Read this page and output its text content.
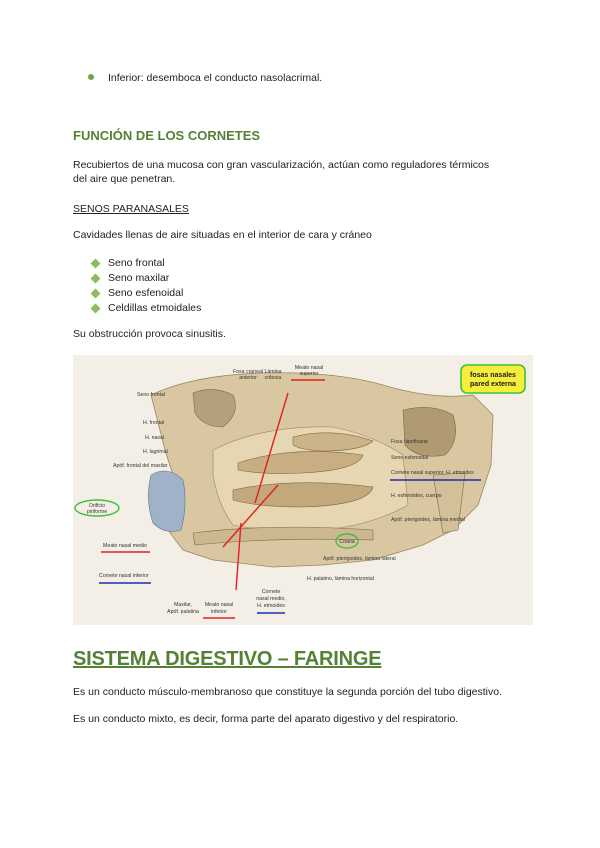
Inferior: desemboca el conducto nasolacrimal.
FUNCIÓN DE LOS CORNETES
Recubiertos de una mucosa con gran vascularización, actúan como reguladores térmicos
del aire que penetran.
SENOS PARANASALES
Cavidades llenas de aire situadas en el interior de cara y cráneo
Seno frontal
Seno maxilar
Seno esfenoidal
Celdillas etmoidales
Su obstrucción provoca sinusitis.
fosas nasales
pared externa
Fosa craneal
anterior
Lámina
cribosa
Meato nasal
superior
Seno frontal
H. frontal
H. nasal
H. lagrimal
Apóf. frontal del maxilar
Orificio
piriforme
Meato nasal medio
Cornete nasal inferior
Maxilar,
Apóf. palatina
Meato nasal
inferior
Cornete
nasal medio,
H. etmoides
H. palatino, lámina horizontal
Coana
Apóf. pterigoides, lámina lateral
Apóf. pterigoides, lámina medial
H. esfenoides, cuerpo
Cornete nasal superior, H. etmoides
Seno esfenoidal
Fosa hipofisaria
SISTEMA DIGESTIVO – FARINGE
Es un conducto músculo-membranoso que constituye la segunda porción del tubo digestivo.
Es un conducto mixto, es decir, forma parte del aparato digestivo y del respiratorio.
